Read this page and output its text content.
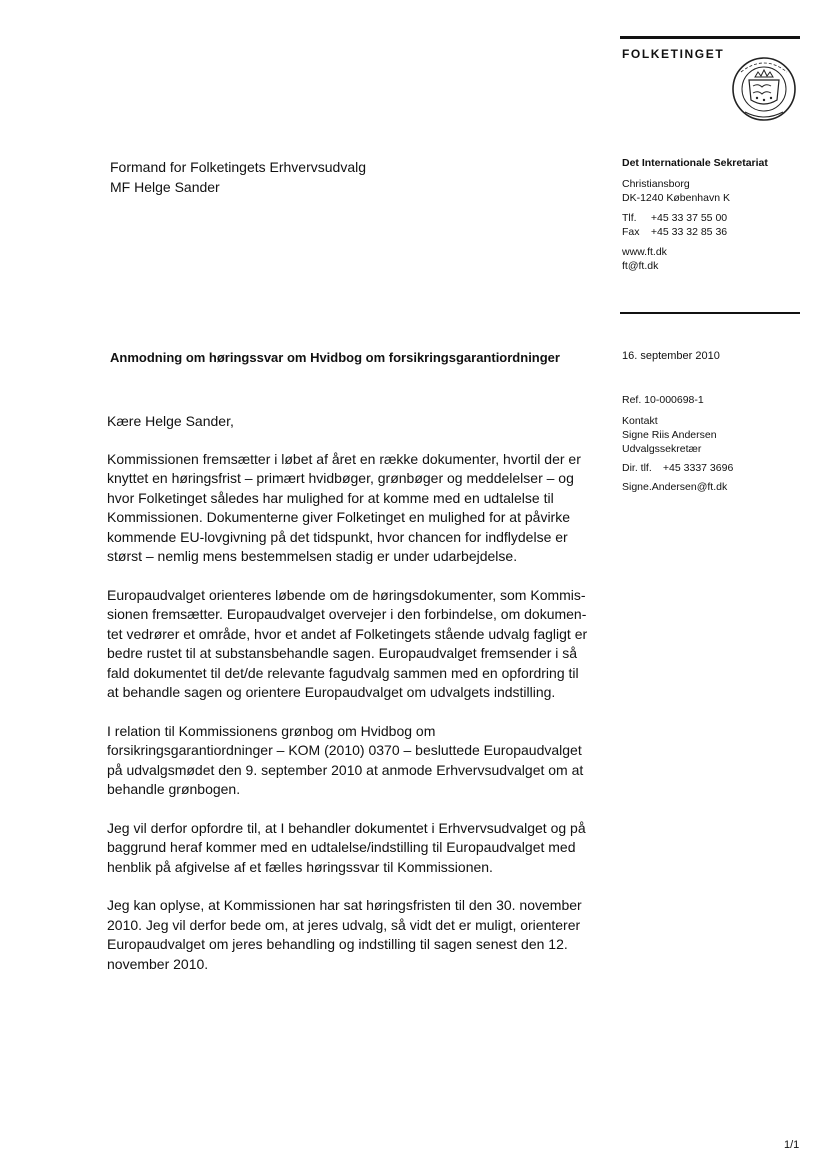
FOLKETINGET
Formand for Folketingets Erhvervsudvalg
MF Helge Sander
Det Internationale Sekretariat
Christiansborg
DK-1240 København K
Tlf. +45 33 37 55 00
Fax +45 33 32 85 36
www.ft.dk
ft@ft.dk
Anmodning om høringssvar om Hvidbog om forsikringsgarantiordninger	16. september 2010
Ref. 10-000698-1
Kontakt
Signe Riis Andersen
Udvalgssekretær
Dir. tlf. +45 3337 3696
Signe.Andersen@ft.dk
Kære Helge Sander,

Kommissionen fremsætter i løbet af året en række dokumenter, hvortil der er
knyttet en høringsfrist – primært hvidbøger, grønbøger og meddelelser – og
hvor Folketinget således har mulighed for at komme med en udtalelse til
Kommissionen. Dokumenterne giver Folketinget en mulighed for at påvirke
kommende EU-lovgivning på det tidspunkt, hvor chancen for indflydelse er
størst – nemlig mens bestemmelsen stadig er under udarbejdelse.

Europaudvalget orienteres løbende om de høringsdokumenter, som Kommis-
sionen fremsætter. Europaudvalget overvejer i den forbindelse, om dokumen-
tet vedrører et område, hvor et andet af Folketingets stående udvalg fagligt er
bedre rustet til at substansbehandle sagen. Europaudvalget fremsender i så
fald dokumentet til det/de relevante fagudvalg sammen med en opfordring til
at behandle sagen og orientere Europaudvalget om udvalgets indstilling.

I relation til Kommissionens grønbog om Hvidbog om
forsikringsgarantiordninger – KOM (2010) 0370 – besluttede Europaudvalget
på udvalgsmødet den 9. september 2010 at anmode Erhvervsudvalget om at
behandle grønbogen.

Jeg vil derfor opfordre til, at I behandler dokumentet i Erhvervsudvalget og på
baggrund heraf kommer med en udtalelse/indstilling til Europaudvalget med
henblik på afgivelse af et fælles høringssvar til Kommissionen.

Jeg kan oplyse, at Kommissionen har sat høringsfristen til den 30. november
2010. Jeg vil derfor bede om, at jeres udvalg, så vidt det er muligt, orienterer
Europaudvalget om jeres behandling og indstilling til sagen senest den 12.
november 2010.

1/1
